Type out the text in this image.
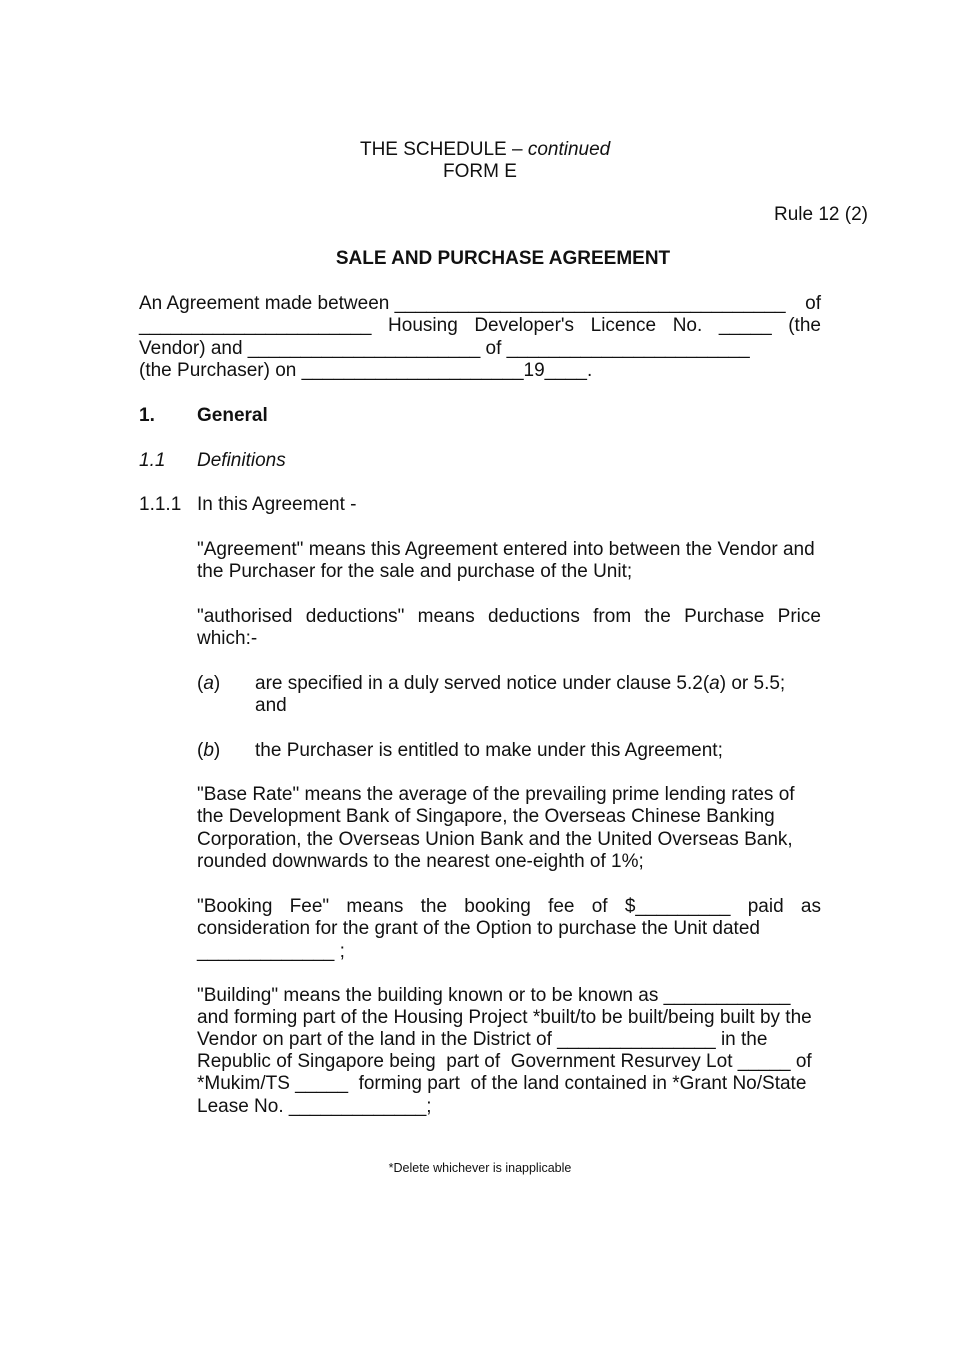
THE SCHEDULE – continued

FORM E
Rule 12 (2)
SALE AND PURCHASE AGREEMENT
An Agreement made between _____________________________________ of
______________________ Housing Developer's Licence No. _____ (the
Vendor) and ______________________ of _______________________
(the Purchaser) on _____________________19____.
1. General
1.1 Definitions
1.1.1 In this Agreement -
"Agreement" means this Agreement entered into between the Vendor and
the Purchaser for the sale and purchase of the Unit;
"authorised deductions" means deductions from the Purchase Price
which:-
(a) are specified in a duly served notice under clause 5.2(a) or 5.5;
and
(b) the Purchaser is entitled to make under this Agreement;
"Base Rate" means the average of the prevailing prime lending rates of
the Development Bank of Singapore, the Overseas Chinese Banking
Corporation, the Overseas Union Bank and the United Overseas Bank,
rounded downwards to the nearest one-eighth of 1%;
"Booking Fee" means the booking fee of $_________ paid as
consideration for the grant of the Option to purchase the Unit dated
_____________ ;
"Building" means the building known or to be known as ____________
and forming part of the Housing Project *built/to be built/being built by the
Vendor on part of the land in the District of _______________ in the
Republic of Singapore being  part of  Government Resurvey Lot _____ of
*Mukim/TS _____  forming part  of the land contained in *Grant No/State
Lease No. _____________;
*Delete whichever is inapplicable
